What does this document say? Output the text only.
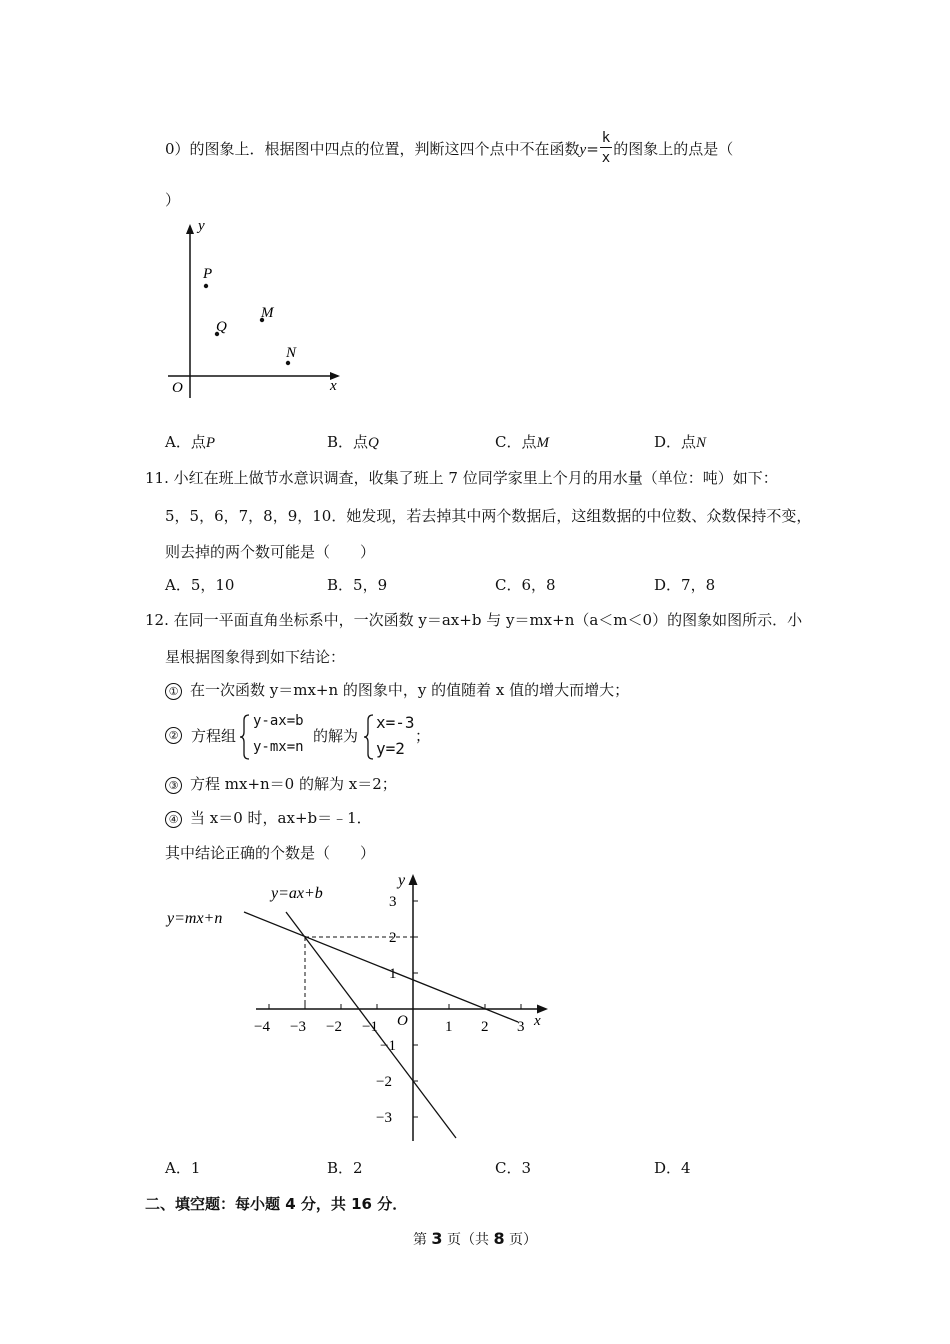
0）的图象上．根据图中四点的位置，判断这四个点中不在函数$y= \frac{k}{x}$ 的图象上的点是（
）
y
x
O
P
Q
M
N
A．点P	B．点Q	C．点M	D．点N
11. 小红在班上做节水意识调查，收集了班上 7 位同学家里上个月的用水量（单位：吨）如下：
5，5，6，7，8，9，10．她发现，若去掉其中两个数据后，这组数据的中位数、众数保持不变，
则去掉的两个数可能是（　　）
A．5，10	B．5，9	C．6，8	D．7，8
12. 在同一平面直角坐标系中，一次函数 y＝ax+b 与 y＝mx+n（a＜m＜0）的图象如图所示．小
星根据图象得到如下结论：
① 在一次函数 y＝mx+n 的图象中，y 的值随着 x 值的增大而增大；
② 方程组
y-ax=b
y-mx=n
的解为
x=-3
y=2
；
③ 方程 mx+n＝0 的解为 x＝2；
④ 当 x＝0 时，ax+b＝﹣1．
其中结论正确的个数是（　　）
−4 −3 −2 −1	1 2 3
3
2
1
−1
−2
−3
O	x
y
y=ax+b
y=mx+n
A．1	B．2	C．3	D．4
二、填空题：每小题 4 分，共 16 分．
第 3 页（共 8 页）
